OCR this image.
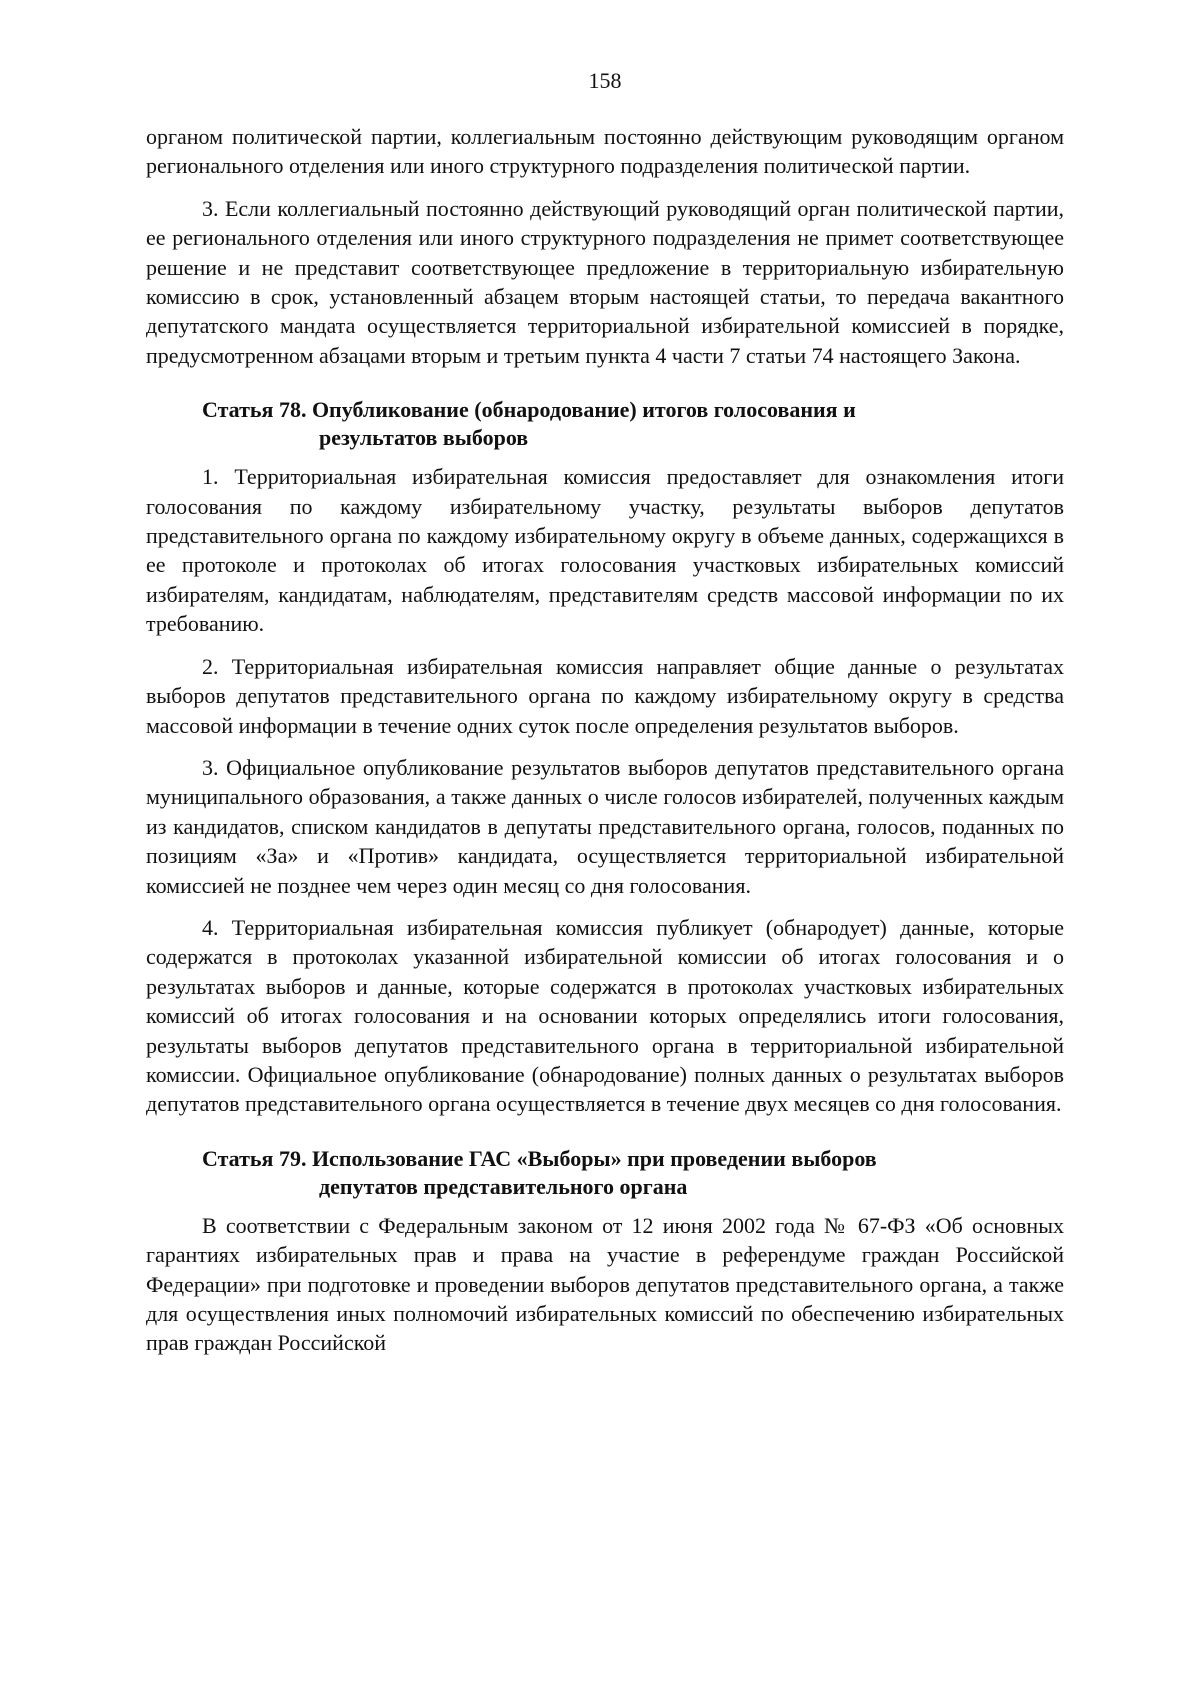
158

органом политической партии, коллегиальным постоянно действующим руководящим органом регионального отделения или иного структурного подразделения политической партии.

3. Если коллегиальный постоянно действующий руководящий орган политической партии, ее регионального отделения или иного структурного подразделения не примет соответствующее решение и не представит соответствующее предложение в территориальную избирательную комиссию в срок, установленный абзацем вторым настоящей статьи, то передача вакантного депутатского мандата осуществляется территориальной избирательной комиссией в порядке, предусмотренном абзацами вторым и третьим пункта 4 части 7 статьи 74 настоящего Закона.

Статья 78. Опубликование (обнародование) итогов голосования и
результатов выборов

1. Территориальная избирательная комиссия предоставляет для ознакомления итоги голосования по каждому избирательному участку, результаты выборов депутатов представительного органа по каждому избирательному округу в объеме данных, содержащихся в ее протоколе и протоколах об итогах голосования участковых избирательных комиссий избирателям, кандидатам, наблюдателям, представителям средств массовой информации по их требованию.

2. Территориальная избирательная комиссия направляет общие данные о результатах выборов депутатов представительного органа по каждому избирательному округу в средства массовой информации в течение одних суток после определения результатов выборов.

3. Официальное опубликование результатов выборов депутатов представительного органа муниципального образования, а также данных о числе голосов избирателей, полученных каждым из кандидатов, списком кандидатов в депутаты представительного органа, голосов, поданных по позициям «За» и «Против» кандидата, осуществляется территориальной избирательной комиссией не позднее чем через один месяц со дня голосования.

4. Территориальная избирательная комиссия публикует (обнародует) данные, которые содержатся в протоколах указанной избирательной комиссии об итогах голосования и о результатах выборов и данные, которые содержатся в протоколах участковых избирательных комиссий об итогах голосования и на основании которых определялись итоги голосования, результаты выборов депутатов представительного органа в территориальной избирательной комиссии. Официальное опубликование (обнародование) полных данных о результатах выборов депутатов представительного органа осуществляется в течение двух месяцев со дня голосования.

Статья 79. Использование ГАС «Выборы» при проведении выборов
депутатов представительного органа

В соответствии с Федеральным законом от 12 июня 2002 года № 67-ФЗ «Об основных гарантиях избирательных прав и права на участие в референдуме граждан Российской Федерации» при подготовке и проведении выборов депутатов представительного органа, а также для осуществления иных полномочий избирательных комиссий по обеспечению избирательных прав граждан Российской
